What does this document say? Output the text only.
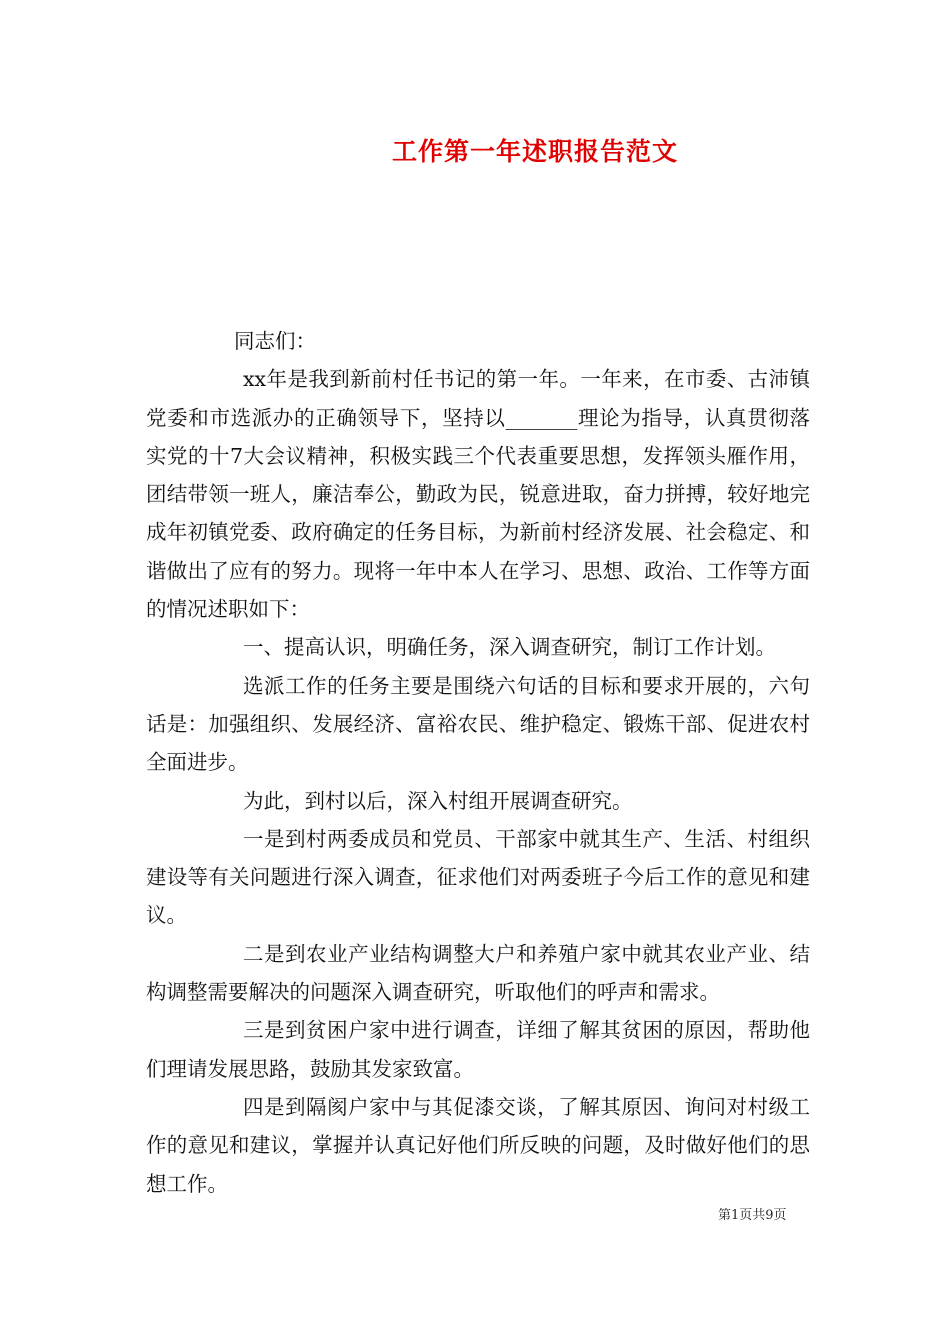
工作第一年述职报告范文

同志们：

xx年是我到新前村任书记的第一年。一年来，在市委、古沛镇党委和市选派办的正确领导下，坚持以_______理论为指导，认真贯彻落实党的十7大会议精神，积极实践三个代表重要思想，发挥领头雁作用，团结带领一班人，廉洁奉公，勤政为民，锐意进取，奋力拼搏，较好地完成年初镇党委、政府确定的任务目标，为新前村经济发展、社会稳定、和谐做出了应有的努力。现将一年中本人在学习、思想、政治、工作等方面的情况述职如下：

一、提高认识，明确任务，深入调查研究，制订工作计划。

选派工作的任务主要是围绕六句话的目标和要求开展的，六句话是：加强组织、发展经济、富裕农民、维护稳定、锻炼干部、促进农村全面进步。

为此，到村以后，深入村组开展调查研究。

一是到村两委成员和党员、干部家中就其生产、生活、村组织建设等有关问题进行深入调查，征求他们对两委班子今后工作的意见和建议。

二是到农业产业结构调整大户和养殖户家中就其农业产业、结构调整需要解决的问题深入调查研究，听取他们的呼声和需求。

三是到贫困户家中进行调查，详细了解其贫困的原因，帮助他们理请发展思路，鼓励其发家致富。

四是到隔阂户家中与其促漆交谈，了解其原因、询问对村级工作的意见和建议，掌握并认真记好他们所反映的问题，及时做好他们的思想工作。

第1页共9页
